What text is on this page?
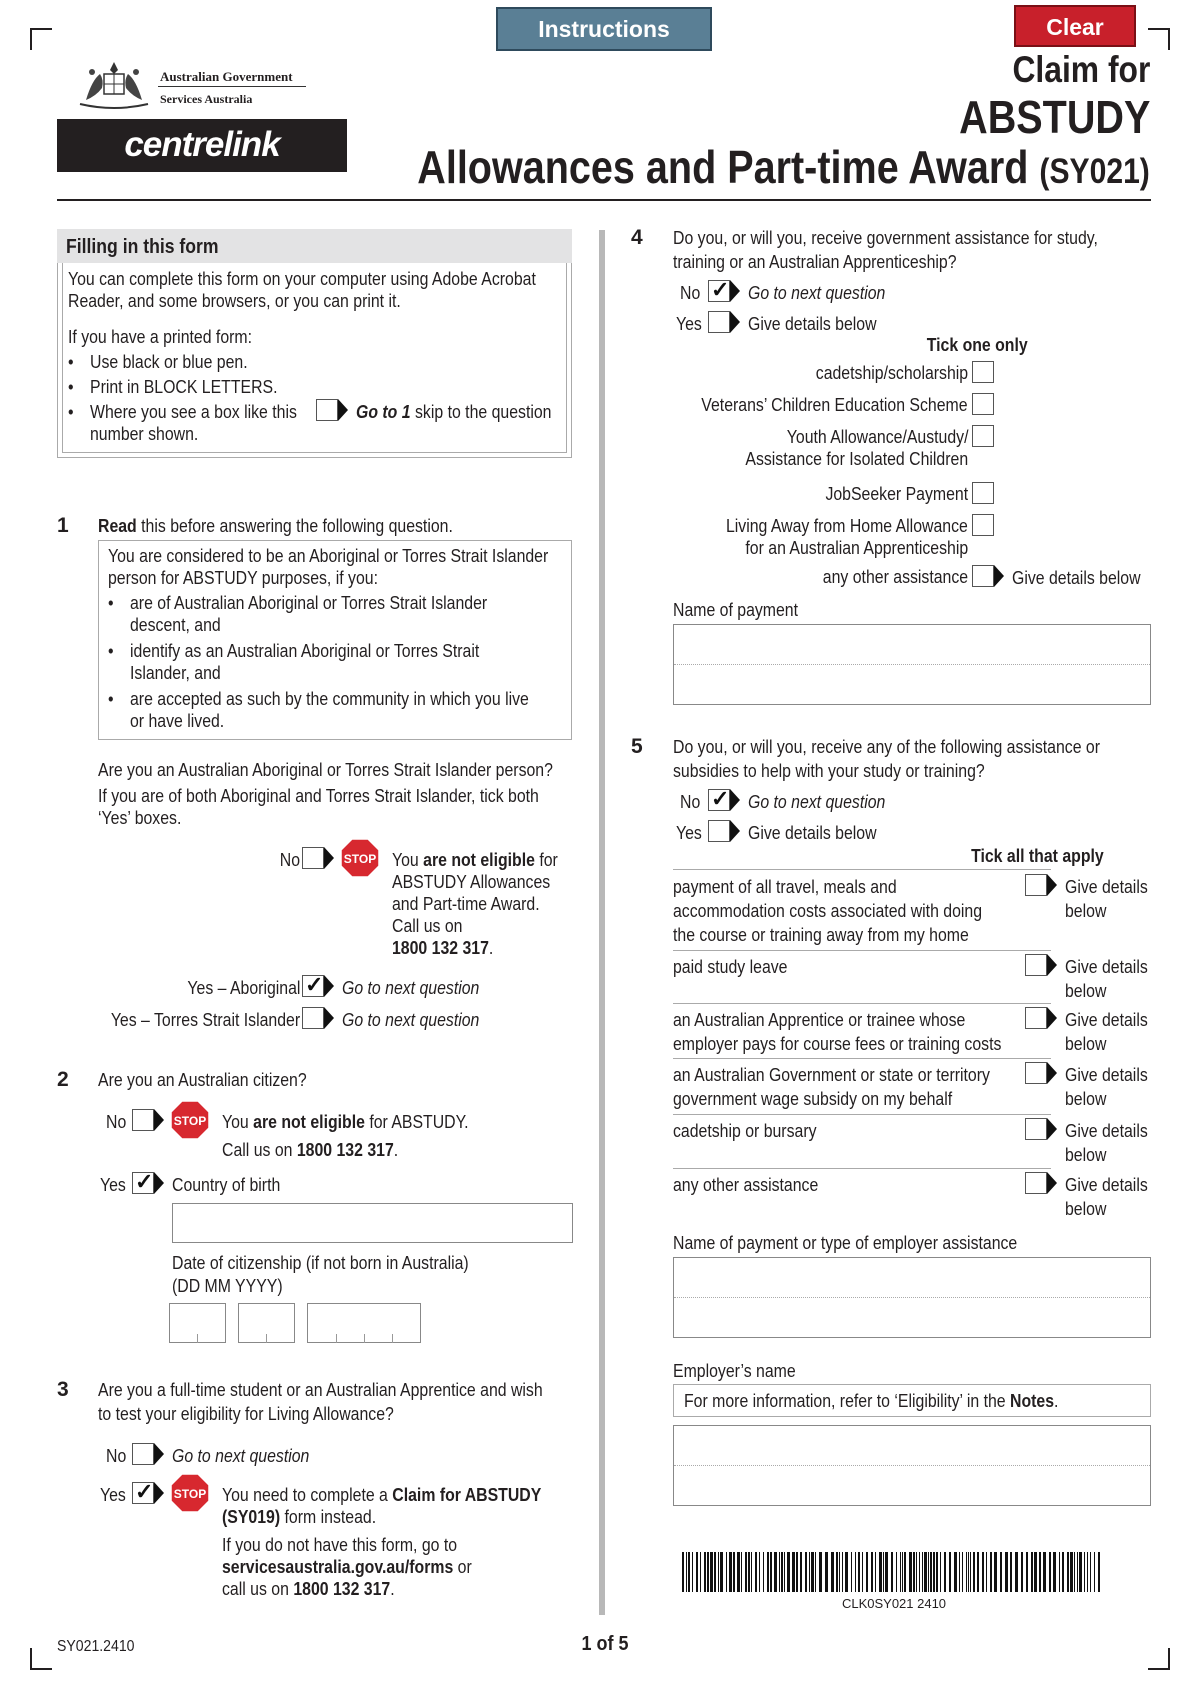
Instructions	Clear
Australian Government
Services Australia
centrelink
Claim for
ABSTUDY
Allowances and Part-time Award (SY021)
Filling in this form
You can complete this form on your computer using Adobe Acrobat Reader, and some browsers, or you can print it.
If you have a printed form:
• Use black or blue pen.
• Print in BLOCK LETTERS.
• Where you see a box like this	Go to 1 skip to the question
number shown.
1 Read this before answering the following question.
You are considered to be an Aboriginal or Torres Strait Islander
person for ABSTUDY purposes, if you:
• are of Australian Aboriginal or Torres Strait Islander
descent, and
• identify as an Australian Aboriginal or Torres Strait
Islander, and
• are accepted as such by the community in which you live
or have lived.
Are you an Australian Aboriginal or Torres Strait Islander person?
If you are of both Aboriginal and Torres Strait Islander, tick both
‘Yes’ boxes.
No	STOP You are not eligible for
ABSTUDY Allowances
and Part-time Award.
Call us on
1800 132 317.
Yes – Aboriginal ✓ Go to next question
Yes – Torres Strait Islander Go to next question
2 Are you an Australian citizen?
No	STOP You are not eligible for ABSTUDY.
Call us on 1800 132 317.
Yes ✓	Country of birth
Date of citizenship (if not born in Australia)
(DD MM YYYY)
3 Are you a full-time student or an Australian Apprentice and wish
to test your eligibility for Living Allowance?
No	Go to next question
Yes ✓	STOP You need to complete a Claim for ABSTUDY
(SY019) form instead.
If you do not have this form, go to
servicesaustralia.gov.au/forms or
call us on 1800 132 317.
4 Do you, or will you, receive government assistance for study,
training or an Australian Apprenticeship?
No ✓	Go to next question
Yes	Give details below
Tick one only
cadetship/scholarship
Veterans’ Children Education Scheme
Youth Allowance/Austudy/
Assistance for Isolated Children
JobSeeker Payment
Living Away from Home Allowance
for an Australian Apprenticeship
any other assistance Give details below
Name of payment
5 Do you, or will you, receive any of the following assistance or
subsidies to help with your study or training?
No ✓	Go to next question
Yes	Give details below
Tick all that apply
payment of all travel, meals and
accommodation costs associated with doing
the course or training away from my home
Give details
below
paid study leave	Give details
below
an Australian Apprentice or trainee whose
employer pays for course fees or training costs
Give details
below
an Australian Government or state or territory
government wage subsidy on my behalf
Give details
below
cadetship or bursary	Give details
below
any other assistance	Give details
below
Name of payment or type of employer assistance
Employer’s name
For more information, refer to ‘Eligibility’ in the Notes.
CLK0SY021 2410
SY021.2410	1 of 5
